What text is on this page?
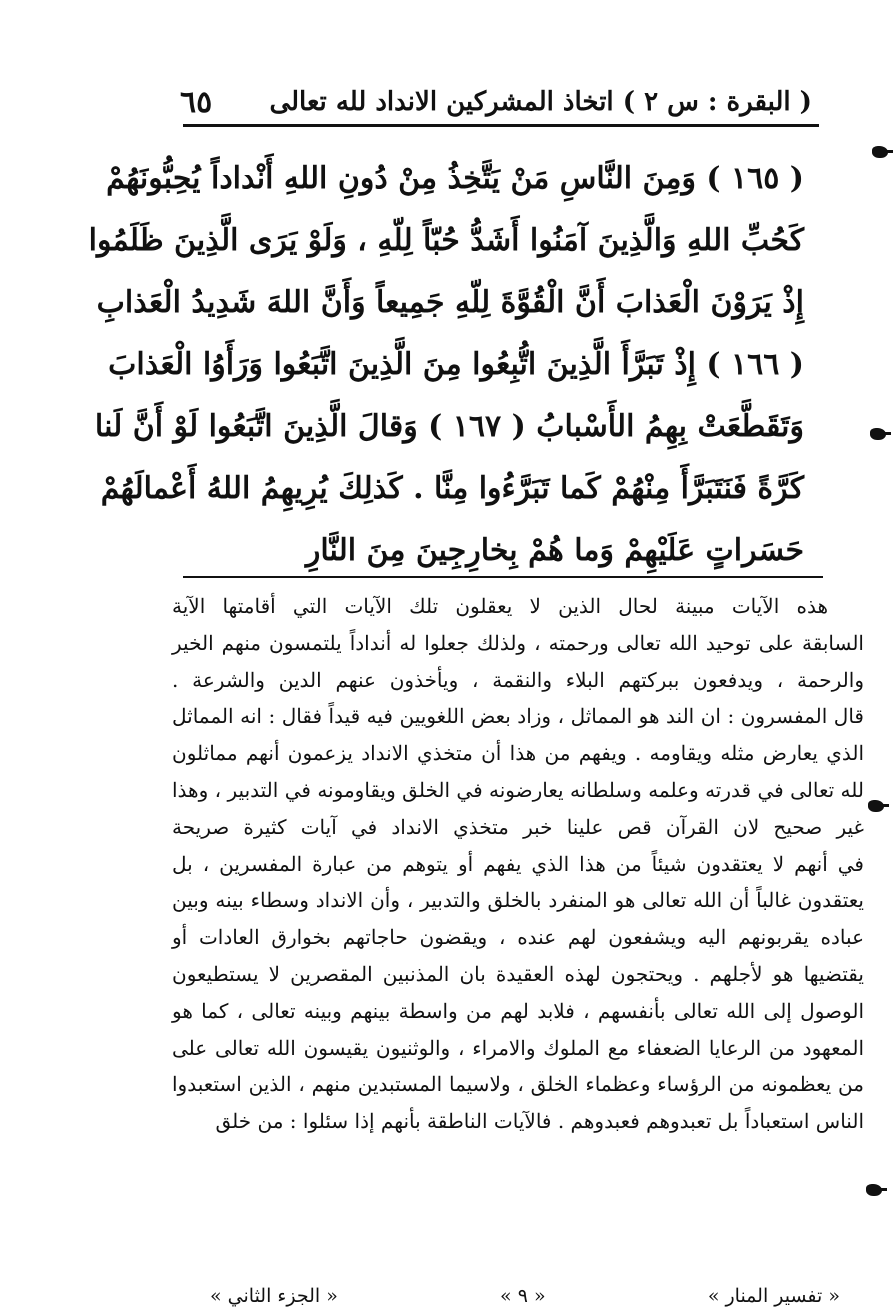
( البقرة : س ٢ ) اتخاذ المشركين الانداد لله تعالى
٦٥
( ١٦٥ ) وَمِنَ النَّاسِ مَنْ يَتَّخِذُ مِنْ دُونِ اللهِ أَنْداداً يُحِبُّونَهُمْ
كَحُبِّ اللهِ وَالَّذِينَ آمَنُوا أَشَدُّ حُبّاً لِلّهِ ، وَلَوْ يَرَى الَّذِينَ ظَلَمُوا
إِذْ يَرَوْنَ الْعَذابَ أَنَّ الْقُوَّةَ لِلّهِ جَمِيعاً وَأَنَّ اللهَ شَدِيدُ الْعَذابِ
( ١٦٦ ) إِذْ تَبَرَّأَ الَّذِينَ اتُّبِعُوا مِنَ الَّذِينَ اتَّبَعُوا وَرَأَوُا الْعَذابَ
وَتَقَطَّعَتْ بِهِمُ الأَسْبابُ ( ١٦٧ ) وَقالَ الَّذِينَ اتَّبَعُوا لَوْ أَنَّ لَنا
كَرَّةً فَنَتَبَرَّأَ مِنْهُمْ كَما تَبَرَّءُوا مِنَّا . كَذلِكَ يُرِيهِمُ اللهُ أَعْمالَهُمْ
حَسَراتٍ عَلَيْهِمْ وَما هُمْ بِخارِجِينَ مِنَ النَّارِ
هذه الآيات مبينة لحال الذين لا يعقلون تلك الآيات التي أقامتها الآية
السابقة على توحيد الله تعالى ورحمته ، ولذلك جعلوا له أنداداً يلتمسون منهم الخير
والرحمة ، ويدفعون ببركتهم البلاء والنقمة ، ويأخذون عنهم الدين والشرعة .
قال المفسرون : ان الند هو المماثل ، وزاد بعض اللغويين فيه قيداً فقال : انه المماثل
الذي يعارض مثله ويقاومه . ويفهم من هذا أن متخذي الانداد يزعمون أنهم مماثلون
لله تعالى في قدرته وعلمه وسلطانه يعارضونه في الخلق ويقاومونه في التدبير ، وهذا
غير صحيح لان القرآن قص علينا خبر متخذي الانداد في آيات كثيرة صريحة
في أنهم لا يعتقدون شيئاً من هذا الذي يفهم أو يتوهم من عبارة المفسرين ، بل
يعتقدون غالباً أن الله تعالى هو المنفرد بالخلق والتدبير ، وأن الانداد وسطاء بينه وبين
عباده يقربونهم اليه ويشفعون لهم عنده ، ويقضون حاجاتهم بخوارق العادات أو
يقتضيها هو لأجلهم . ويحتجون لهذه العقيدة بان المذنبين المقصرين لا يستطيعون
الوصول إلى الله تعالى بأنفسهم ، فلابد لهم من واسطة بينهم وبينه تعالى ، كما هو
المعهود من الرعايا الضعفاء مع الملوك والامراء ، والوثنيون يقيسون الله تعالى على
من يعظمونه من الرؤساء وعظماء الخلق ، ولاسيما المستبدين منهم ، الذين استعبدوا
الناس استعباداً بل تعبدوهم فعبدوهم . فالآيات الناطقة بأنهم إذا سئلوا : من خلق
« تفسير المنار »
« ٩ »
« الجزء الثاني »
